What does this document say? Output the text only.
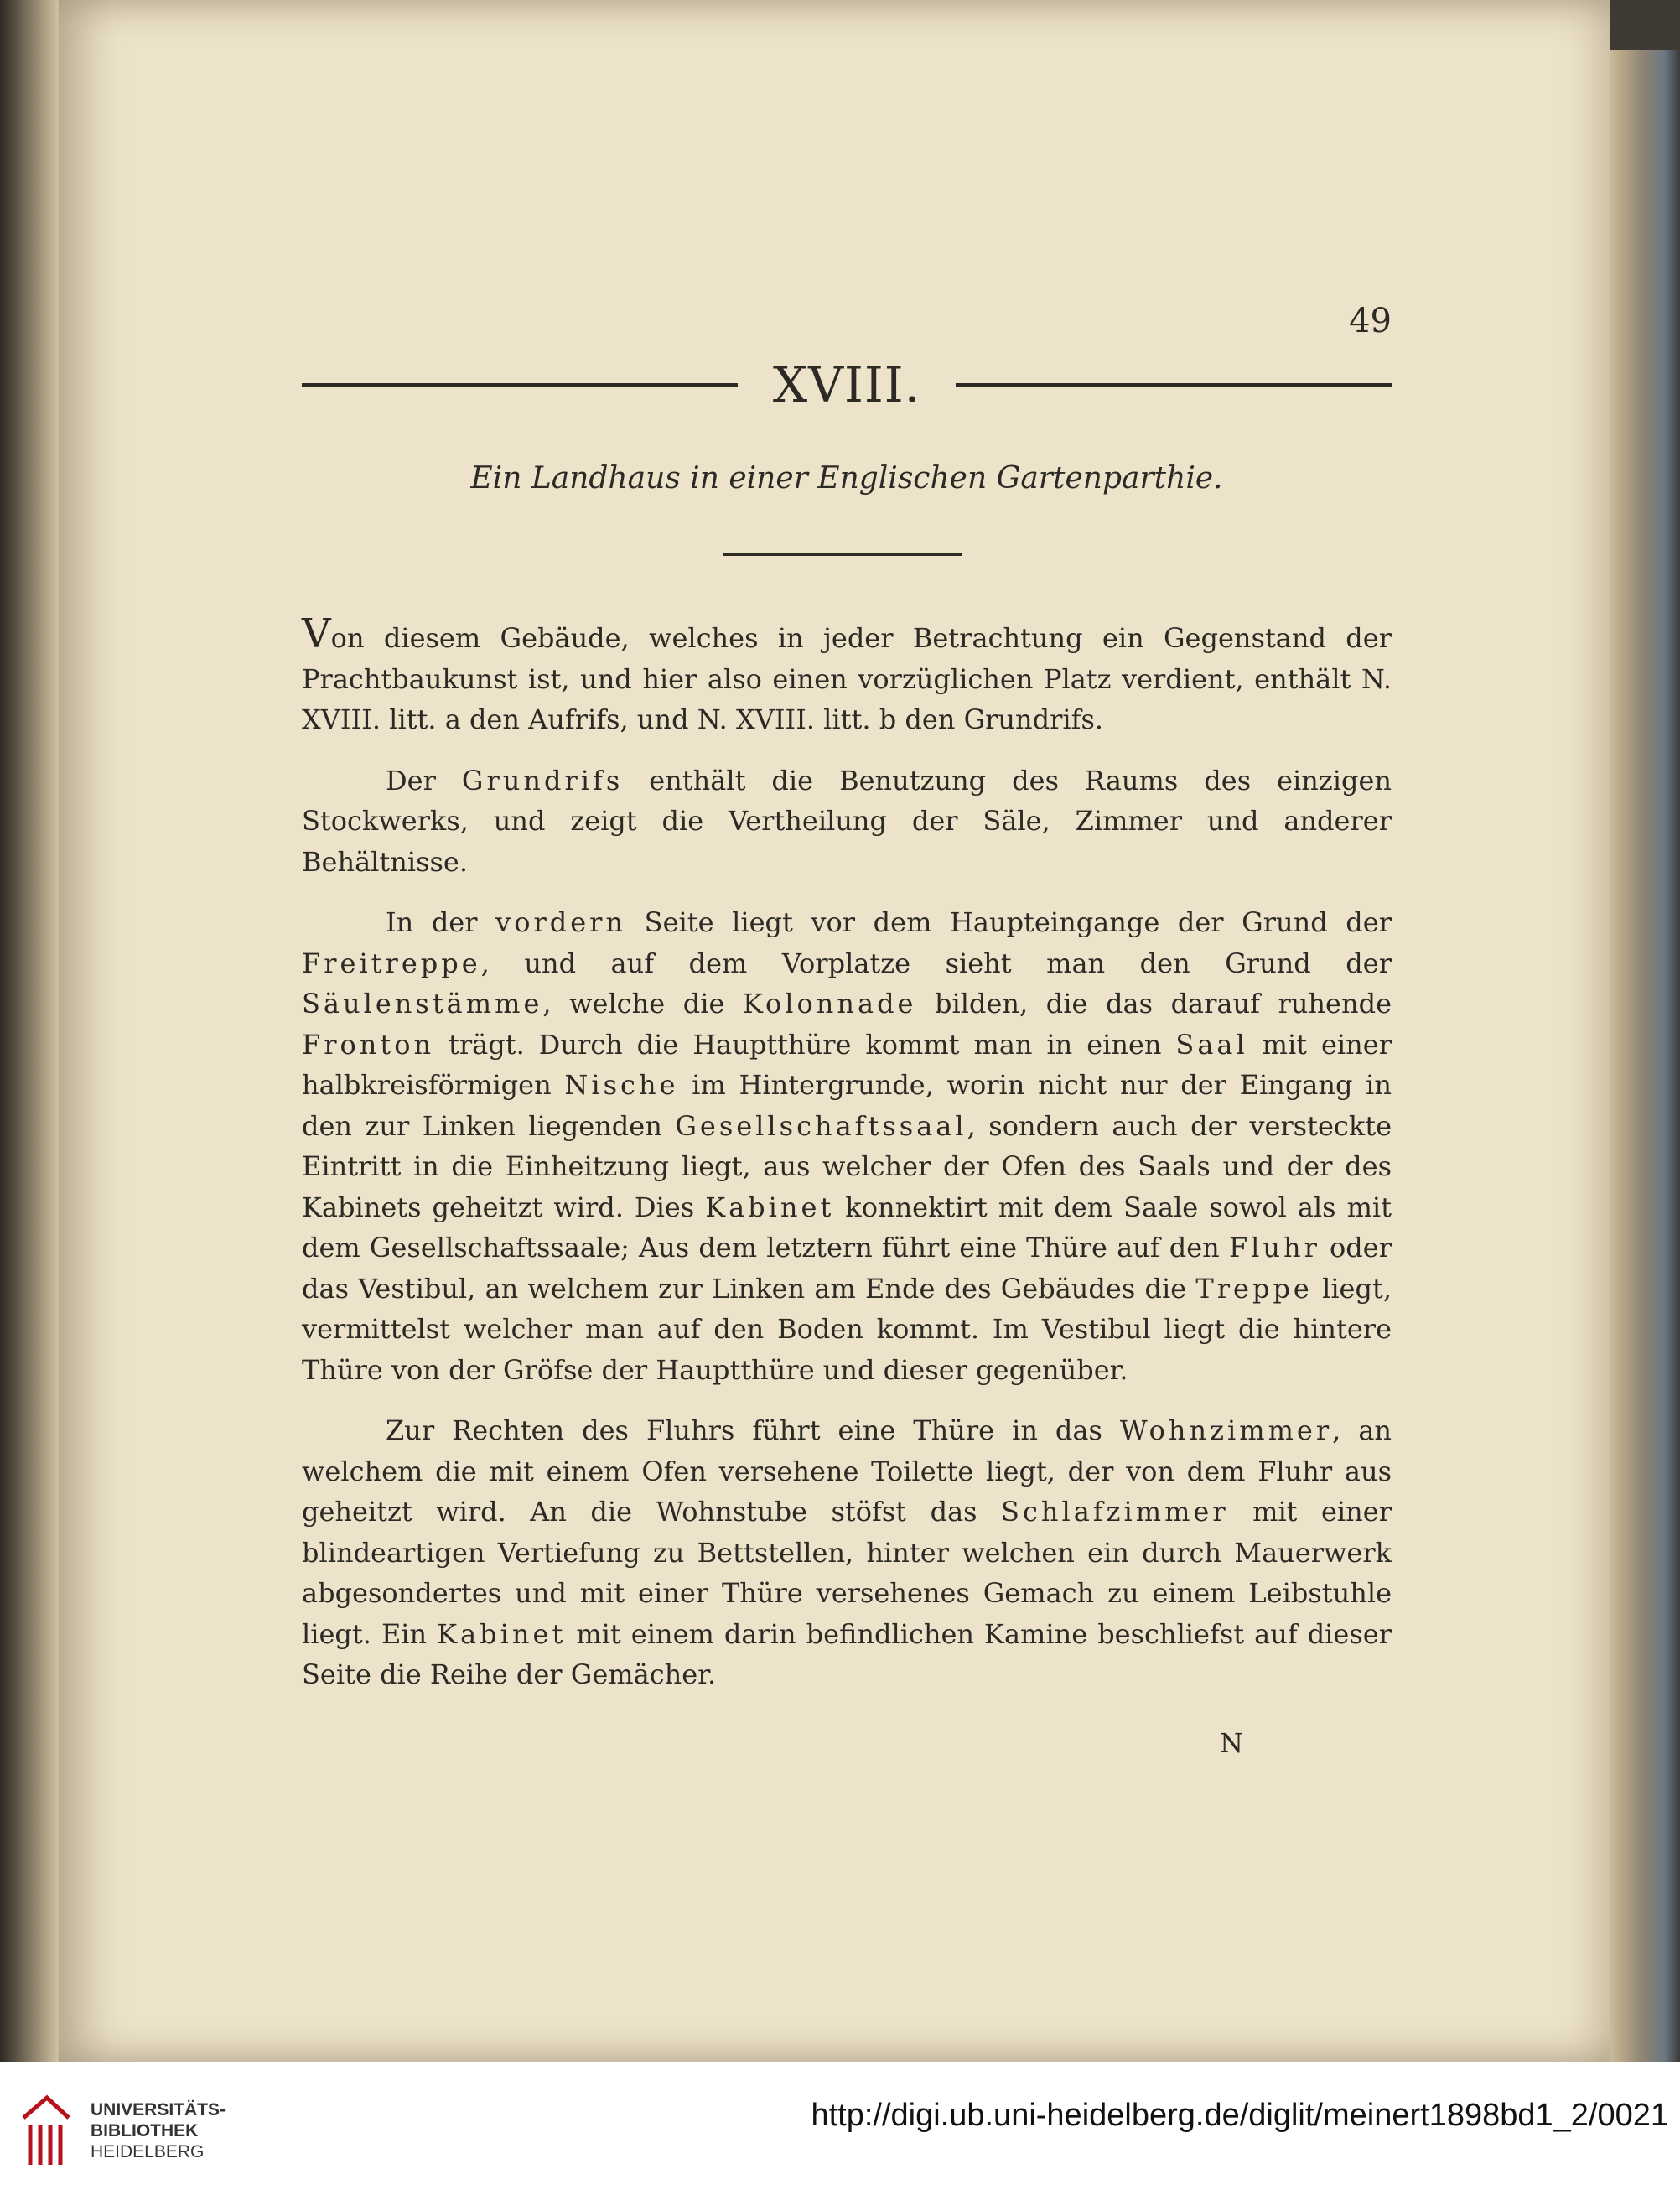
49
XVIII.
Ein Landhaus in einer Englischen Gartenparthie.

Von diesem Gebäude, welches in jeder Betrachtung ein Gegenstand der Prachtbaukunst ist, und hier also einen vorzüglichen Platz verdient, enthält N. XVIII. litt. a den Aufrifs, und N. XVIII. litt. b den Grundrifs.

Der Grundrifs enthält die Benutzung des Raums des einzigen Stockwerks, und zeigt die Vertheilung der Säle, Zimmer und anderer Behältnisse.

In der vordern Seite liegt vor dem Haupteingange der Grund der Freitreppe, und auf dem Vorplatze sieht man den Grund der Säulenstämme, welche die Kolonnade bilden, die das darauf ruhende Fronton trägt. Durch die Hauptthüre kommt man in einen Saal mit einer halbkreisförmigen Nische im Hintergrunde, worin nicht nur der Eingang in den zur Linken liegenden Gesellschaftssaal, sondern auch der versteckte Eintritt in die Einheitzung liegt, aus welcher der Ofen des Saals und der des Kabinets geheitzt wird. Dies Kabinet konnektirt mit dem Saale sowol als mit dem Gesellschaftssaale; Aus dem letztern führt eine Thüre auf den Fluhr oder das Vestibul, an welchem zur Linken am Ende des Gebäudes die Treppe liegt, vermittelst welcher man auf den Boden kommt. Im Vestibul liegt die hintere Thüre von der Gröfse der Hauptthüre und dieser gegenüber.

Zur Rechten des Fluhrs führt eine Thüre in das Wohnzimmer, an welchem die mit einem Ofen versehene Toilette liegt, der von dem Fluhr aus geheitzt wird. An die Wohnstube stöfst das Schlafzimmer mit einer blindeartigen Vertiefung zu Bettstellen, hinter welchen ein durch Mauerwerk abgesondertes und mit einer Thüre versehenes Gemach zu einem Leibstuhle liegt. Ein Kabinet mit einem darin befindlichen Kamine beschliefst auf dieser Seite die Reihe der Gemächer.

N
UNIVERSITÄTS-
BIBLIOTHEK
HEIDELBERG
http://digi.ub.uni-heidelberg.de/diglit/meinert1898bd1_2/0021
